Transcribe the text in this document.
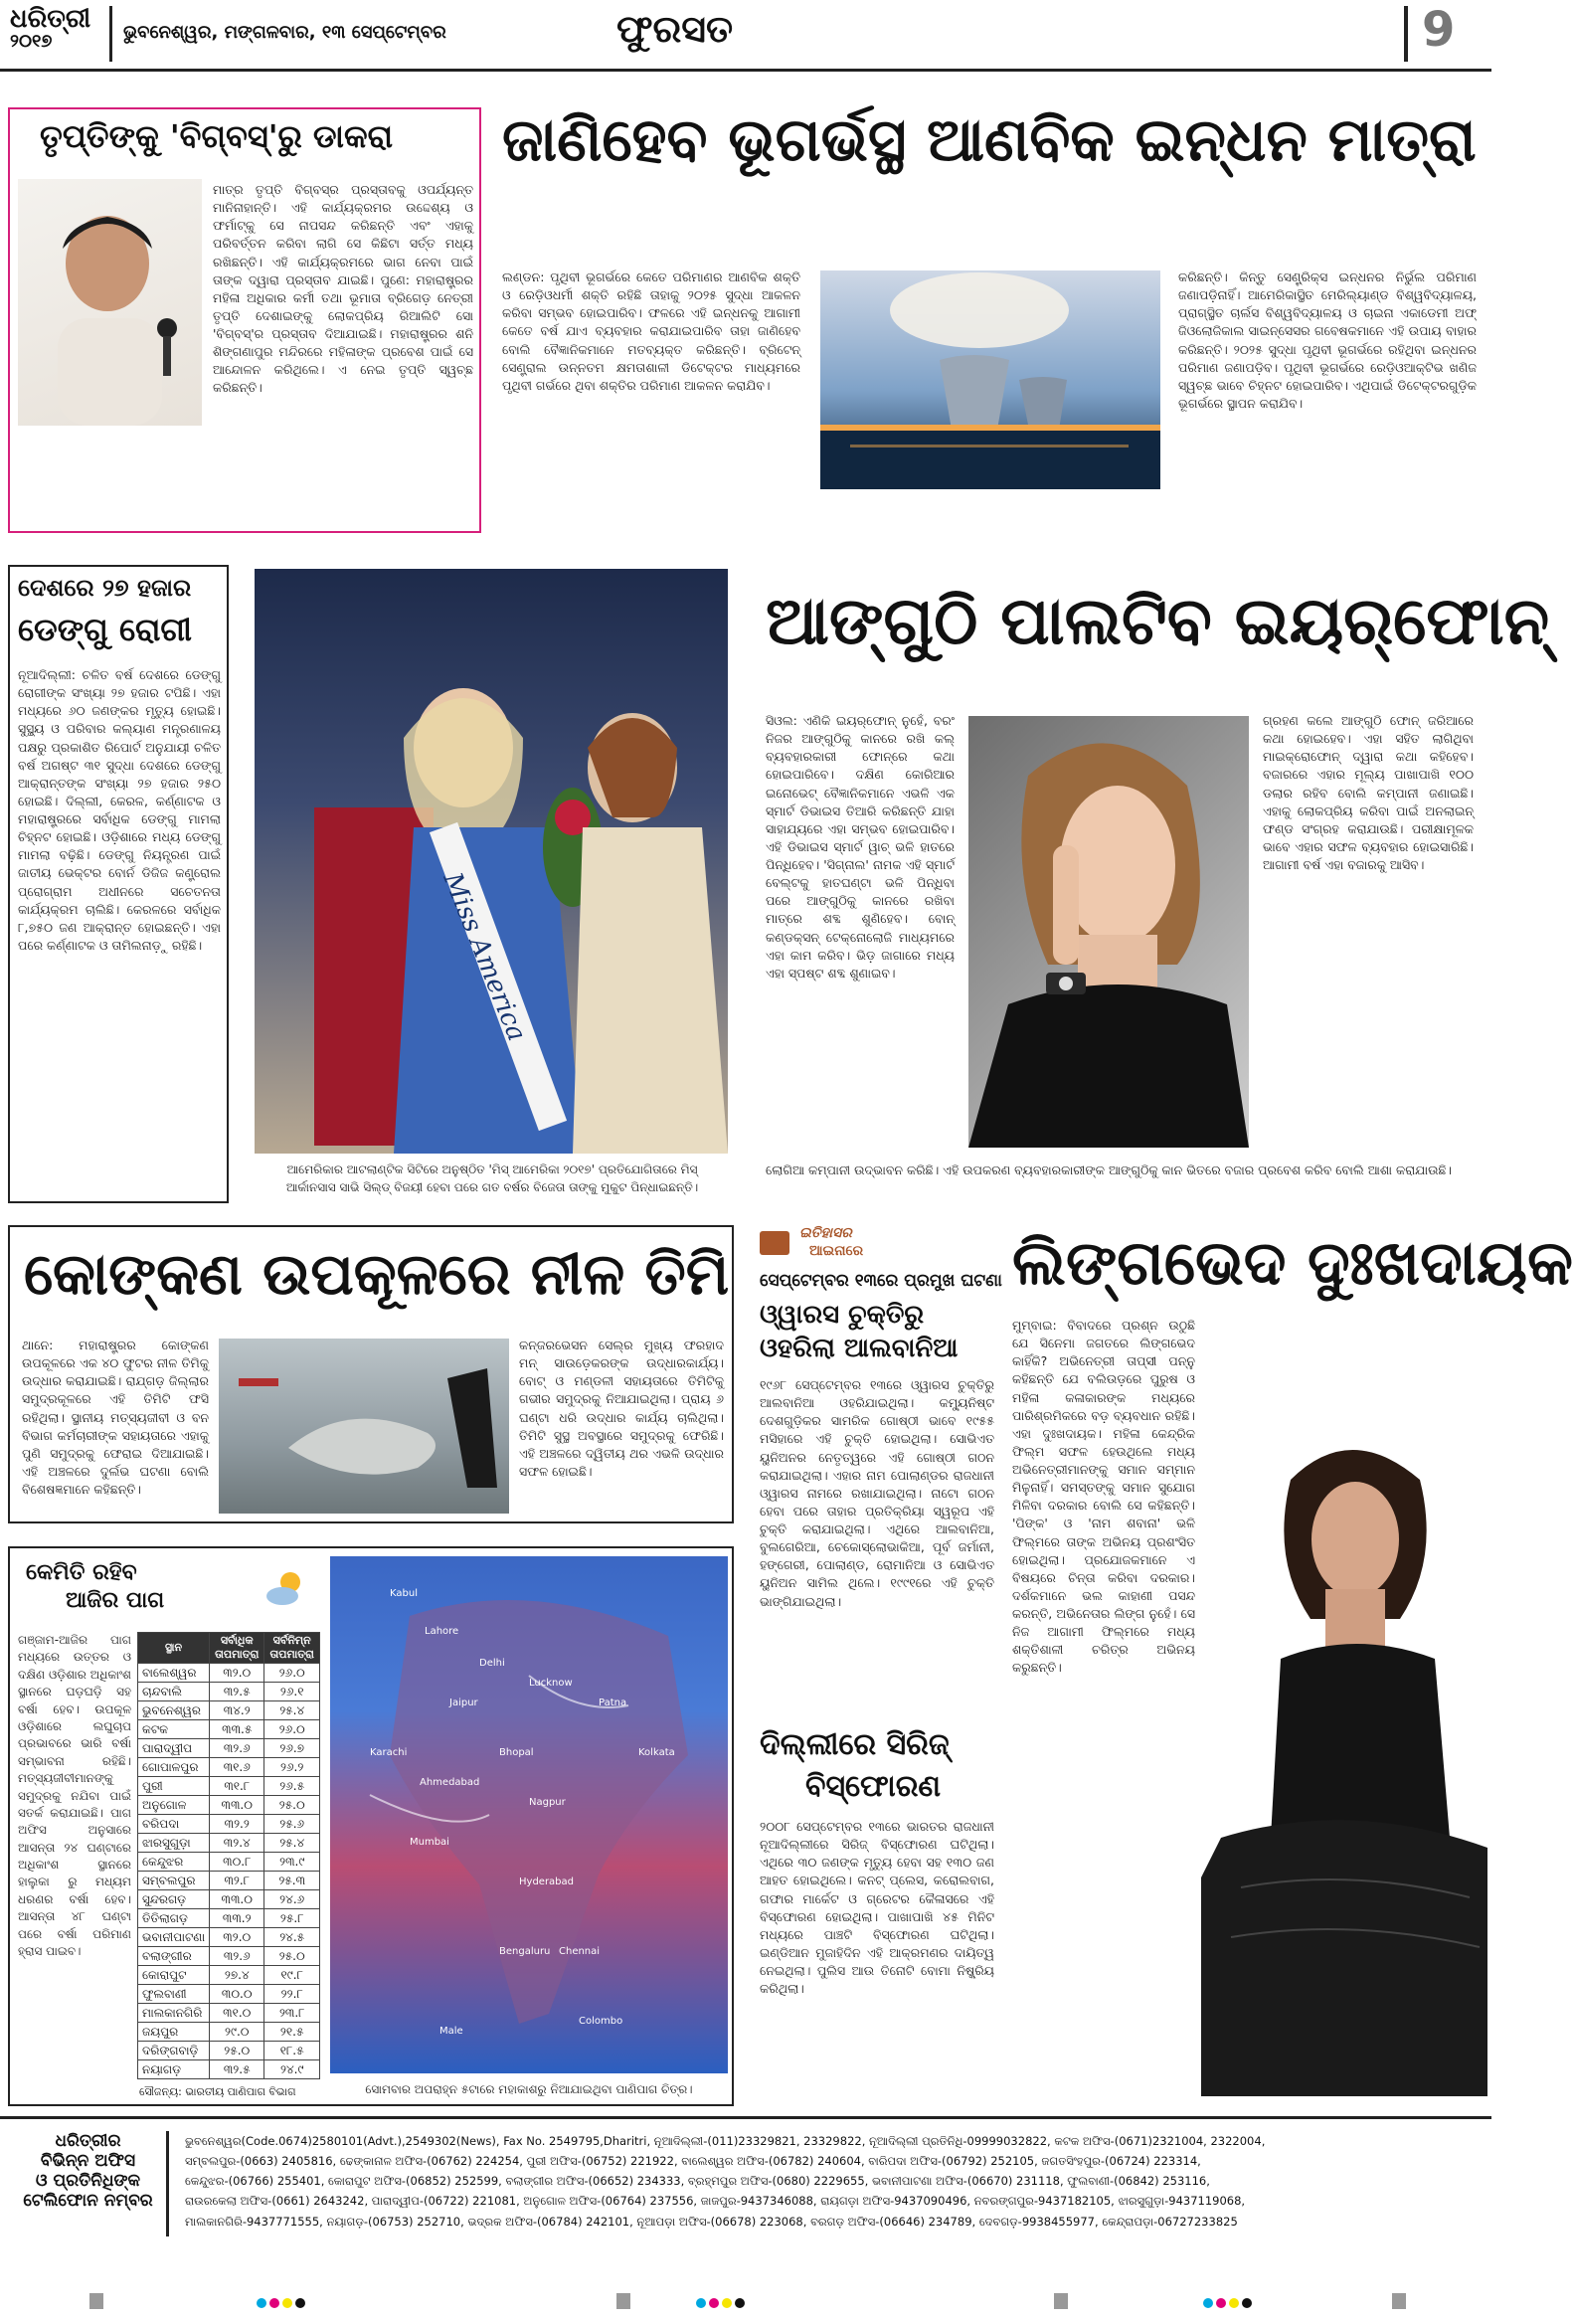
ଧରିତ୍ରୀ
୨୦୧୭	ଭୁବନେଶ୍ୱର, ମଙ୍ଗଳବାର, ୧୩ ସେପ୍ଟେମ୍ବର	ଫୁରସତ	9
ତୃପ୍ତିଙ୍କୁ 'ବିଗ୍‌ବସ୍‌'ରୁ ଡାକରା
ମାତ୍ର ତୃପ୍ତି ବିଗ୍‌ବସ୍‌ର ପ୍ରସ୍ତାବକୁ ଓପର୍ଯ୍ୟନ୍ତ ମାନିନାହାନ୍ତି। ଏହି କାର୍ଯ୍ୟକ୍ରମର ଉଦ୍ଦେଶ୍ୟ ଓ ଫର୍ମାଟ୍‌କୁ ସେ ନାପସନ୍ଦ କରିଛନ୍ତି ଏବଂ ଏହାକୁ ପରିବର୍ତ୍ତନ କରିବା ଲାଗି ସେ କିଛିଟା ସର୍ତ୍ତ ମଧ୍ୟ ରଖିଛନ୍ତି। ଏହି କାର୍ଯ୍ୟକ୍ରମରେ ଭାଗ ନେବା ପାଇଁ ତାଙ୍କ ଦ୍ୱାରା ପ୍ରସ୍ତାବ ଯାଇଛି। ପୁଣେ: ମହାରାଷ୍ଟ୍ରର ମହିଳା ଅଧିକାର କର୍ମୀ ତଥା ଭୂମାତା ବ୍ରିଗେଡ଼ ନେତ୍ରୀ ତୃପ୍ତି ଦେଶାଇଙ୍କୁ ଲୋକପ୍ରିୟ ରିଆଲିଟି ସୋ 'ବିଗ୍‌ବସ୍‌'ର ପ୍ରସ୍ତାବ ଦିଆଯାଇଛି। ମହାରାଷ୍ଟ୍ରର ଶନି ଶିଙ୍ଗଣାପୁର ମନ୍ଦିରରେ ମହିଳାଙ୍କ ପ୍ରବେଶ ପାଇଁ ସେ ଆନ୍ଦୋଳନ କରିଥିଲେ। ଏ ନେଇ ତୃପ୍ତି ସ୍ୱଚ୍ଛ କରିଛନ୍ତି।
ଜାଣିହେବ ଭୂଗର୍ଭସ୍ଥ ଆଣବିକ ଇନ୍ଧନ ମାତ୍ରା
ଲଣ୍ଡନ: ପୃଥିବୀ ଭୂଗର୍ଭରେ କେତେ ପରିମାଣର ଆଣବିକ ଶକ୍ତି ଓ ରେଡ଼ିଓଧର୍ମୀ ଶକ୍ତି ରହିଛି ତାହାକୁ ୨୦୨୫ ସୁଦ୍ଧା ଆକଳନ କରିବା ସମ୍ଭବ ହୋଇପାରିବ। ଫଳରେ ଏହି ଇନ୍ଧନକୁ ଆଗାମୀ କେତେ ବର୍ଷ ଯାଏ ବ୍ୟବହାର କରାଯାଇପାରିବ ତାହା ଜାଣିହେବ ବୋଲି ବୈଜ୍ଞାନିକମାନେ ମତବ୍ୟକ୍ତ କରିଛନ୍ତି। ବ୍ରିଟେନ୍‌ ସେଣ୍ଟ୍ରାଲ ଉନ୍ନତମ କ୍ଷମତାଶାଳୀ ଡିଟେକ୍ଟର ମାଧ୍ୟମରେ ପୃଥିବୀ ଗର୍ଭରେ ଥିବା ଶକ୍ତିର ପରିମାଣ ଆକଳନ କରାଯିବ।
କରିଛନ୍ତି। କିନ୍ତୁ ସେଣ୍ଟ୍ରିକ୍ସ ଇନ୍ଧନର ନିର୍ଭୁଲ ପରିମାଣ ଜଣାପଡ଼ିନାହିଁ। ଆମେରିକାସ୍ଥିତ ମେରିଲ୍ୟାଣ୍ଡ ବିଶ୍ୱବିଦ୍ୟାଳୟ, ପ୍ରାଗ୍‌ସ୍ଥିତ ଚାର୍ଲସ ବିଶ୍ୱବିଦ୍ୟାଳୟ ଓ ଚାଇନା ଏକାଡେମୀ ଅଫ୍‌ ଜିଓଲୋଜିକାଲ ସାଇନ୍ସେସର ଗବେଷକମାନେ ଏହି ଉପାୟ ବାହାର କରିଛନ୍ତି। ୨୦୨୫ ସୁଦ୍ଧା ପୃଥିବୀ ଭୂଗର୍ଭରେ ରହିଥିବା ଇନ୍ଧନର ପରିମାଣ ଜଣାପଡ଼ିବ। ପୃଥିବୀ ଭୂଗର୍ଭରେ ରେଡ଼ିଓଆକ୍ଟିଭ ଖଣିଜ ସ୍ୱଚ୍ଛ ଭାବେ ଚିହ୍ନଟ ହୋଇପାରିବ। ଏଥିପାଇଁ ଡିଟେକ୍ଟରଗୁଡ଼ିକ ଭୂଗର୍ଭରେ ସ୍ଥାପନ କରାଯିବ।
ଦେଶରେ ୨୭ ହଜାର
ଡେଙ୍ଗୁ ରୋଗୀ
ନୂଆଦିଲ୍ଲୀ: ଚଳିତ ବର୍ଷ ଦେଶରେ ଡେଙ୍ଗୁ ରୋଗୀଙ୍କ ସଂଖ୍ୟା ୨୭ ହଜାର ଟପିଛି। ଏହା ମଧ୍ୟରେ ୬୦ ଜଣଙ୍କର ମୃତ୍ୟୁ ହୋଇଛି। ସୁସ୍ଥ୍ୟ ଓ ପରିବାର କଲ୍ୟାଣ ମନ୍ତ୍ରଣାଳୟ ପକ୍ଷରୁ ପ୍ରକାଶିତ ରିପୋର୍ଟ ଅନୁଯାୟୀ ଚଳିତ ବର୍ଷ ଅଗଷ୍ଟ ୩୧ ସୁଦ୍ଧା ଦେଶରେ ଡେଙ୍ଗୁ ଆକ୍ରାନ୍ତଙ୍କ ସଂଖ୍ୟା ୨୭ ହଜାର ୨୫୦ ହୋଇଛି। ଦିଲ୍ଲୀ, କେରଳ, କର୍ଣ୍ଣାଟକ ଓ ମହାରାଷ୍ଟ୍ରରେ ସର୍ବାଧିକ ଡେଙ୍ଗୁ ମାମଲା ଚିହ୍ନଟ ହୋଇଛି। ଓଡ଼ିଶାରେ ମଧ୍ୟ ଡେଙ୍ଗୁ ମାମଲା ବଢ଼ିଛି। ଡେଙ୍ଗୁ ନିୟନ୍ତ୍ରଣ ପାଇଁ ଜାତୀୟ ଭେକ୍ଟର ବୋର୍ନ ଡିଜିଜ କଣ୍ଟ୍ରୋଲ ପ୍ରୋଗ୍ରାମ ଅଧୀନରେ ସଚେତନତା କାର୍ଯ୍ୟକ୍ରମ ଚାଲିଛି। କେରଳରେ ସର୍ବାଧିକ ୮,୭୫୦ ଜଣ ଆକ୍ରାନ୍ତ ହୋଇଛନ୍ତି। ଏହା ପରେ କର୍ଣ୍ଣାଟକ ଓ ତାମିଲନାଡ଼ୁ ରହିଛି।	Miss America
ଆମେରିକାର ଆଟଲାଣ୍ଟିକ ସିଟିରେ ଅନୁଷ୍ଠିତ 'ମିସ୍ ଆମେରିକା ୨୦୧୭' ପ୍ରତିଯୋଗିତାରେ ମିସ୍
ଆର୍କାନସାସ ସାଭି ସିଲ୍ଡ୍ ବିଜୟୀ ହେବା ପରେ ଗତ ବର୍ଷର ବିଜେତା ତାଙ୍କୁ ମୁକୁଟ ପିନ୍ଧାଇଛନ୍ତି।
ଆଙ୍ଗୁଠି ପାଲଟିବ ଇୟର୍‌ଫୋନ୍
ସିଓଲ: ଏଣିକି ଇୟର୍‌ଫୋନ୍ ନୁହେଁ, ବରଂ ନିଜର ଆଙ୍ଗୁଠିକୁ କାନରେ ରଖି କଲ୍ ବ୍ୟବହାରକାରୀ ଫୋନ୍‌ରେ କଥା ହୋଇପାରିବେ। ଦକ୍ଷିଣ କୋରିଆର ଇନୋଭେଟ୍ ବୈଜ୍ଞାନିକମାନେ ଏଭଳି ଏକ ସ୍ମାର୍ଟ ଡିଭାଇସ ତିଆରି କରିଛନ୍ତି ଯାହା ସାହାଯ୍ୟରେ ଏହା ସମ୍ଭବ ହୋଇପାରିବ। ଏହି ଡିଭାଇସ ସ୍ମାର୍ଟ ୱାଚ୍ ଭଳି ହାତରେ ପିନ୍ଧିହେବ। 'ସିଗ୍‌ନାଲ' ନାମକ ଏହି ସ୍ମାର୍ଟ ବେଲ୍ଟକୁ ହାତଘଣ୍ଟା ଭଳି ପିନ୍ଧିବା ପରେ ଆଙ୍ଗୁଠିକୁ କାନରେ ରଖିବା ମାତ୍ରେ ଶବ୍ଦ ଶୁଣିହେବ। ବୋନ୍ କଣ୍ଡକ୍ସନ୍ ଟେକ୍ନୋଲୋଜି ମାଧ୍ୟମରେ ଏହା କାମ କରିବ। ଭିଡ଼ ଜାଗାରେ ମଧ୍ୟ ଏହା ସ୍ପଷ୍ଟ ଶବ୍ଦ ଶୁଣାଇବ।
ଗ୍ରହଣ କଲେ ଆଙ୍ଗୁଠି ଫୋନ୍ ଜରିଆରେ କଥା ହୋଇହେବ। ଏହା ସହିତ ଲାଗିଥିବା ମାଇକ୍ରୋଫୋନ୍ ଦ୍ୱାରା କଥା କହିହେବ। ବଜାରରେ ଏହାର ମୂଲ୍ୟ ପାଖାପାଖି ୧୦୦ ଡଲାର ରହିବ ବୋଲି କମ୍ପାନୀ ଜଣାଇଛି। ଏହାକୁ ଲୋକପ୍ରିୟ କରିବା ପାଇଁ ଅନଲାଇନ୍ ଫଣ୍ଡ ସଂଗ୍ରହ କରାଯାଉଛି। ପରୀକ୍ଷାମୂଳକ ଭାବେ ଏହାର ସଫଳ ବ୍ୟବହାର ହୋଇସାରିଛି। ଆଗାମୀ ବର୍ଷ ଏହା ବଜାରକୁ ଆସିବ।
ଲୋଗିଆ କମ୍ପାନୀ ଉଦ୍ଭାବନ କରିଛି। ଏହି ଉପକରଣ ବ୍ୟବହାରକାରୀଙ୍କ ଆଙ୍ଗୁଠିକୁ କାନ ଭିତରେ ବଜାର ପ୍ରବେଶ କରିବ ବୋଲି ଆଶା କରାଯାଉଛି।
କୋଙ୍କଣ ଉପକୂଳରେ ନୀଳ ତିମି
ଥାନେ: ମହାରାଷ୍ଟ୍ରର କୋଙ୍କଣ ଉପକୂଳରେ ଏକ ୪୦ ଫୁଟର ନୀଳ ତିମିକୁ ଉଦ୍ଧାର କରାଯାଇଛି। ରାଯ୍‌ଗଡ଼ ଜିଲ୍ଲାର ସମୁଦ୍ରକୂଳରେ ଏହି ତିମିଟି ଫସି ରହିଥିଲା। ସ୍ଥାନୀୟ ମତ୍ସ୍ୟଜୀବୀ ଓ ବନ ବିଭାଗ କର୍ମଚାରୀଙ୍କ ସହାୟତାରେ ଏହାକୁ ପୁଣି ସମୁଦ୍ରକୁ ଫେରାଇ ଦିଆଯାଇଛି। ଏହି ଅଞ୍ଚଳରେ ଦୁର୍ଲଭ ଘଟଣା ବୋଲି ବିଶେଷଜ୍ଞମାନେ କହିଛନ୍ତି।
କନ୍‌ଜରଭେସନ ସେଲ୍‌ର ମୁଖ୍ୟ ଫରହାଦ ମନ୍‌ ସାଉଡ଼େକରଙ୍କ ଉଦ୍ଧାରକାର୍ଯ୍ୟ। ବୋଟ୍ ଓ ମଣ୍ଡଳୀ ସହାୟତାରେ ତିମିଟିକୁ ଗଭୀର ସମୁଦ୍ରକୁ ନିଆଯାଇଥିଲା। ପ୍ରାୟ ୬ ଘଣ୍ଟା ଧରି ଉଦ୍ଧାର କାର୍ଯ୍ୟ ଚାଲିଥିଲା। ତିମିଟି ସୁସ୍ଥ ଅବସ୍ଥାରେ ସମୁଦ୍ରକୁ ଫେରିଛି। ଏହି ଅଞ୍ଚଳରେ ଦ୍ୱିତୀୟ ଥର ଏଭଳି ଉଦ୍ଧାର ସଫଳ ହୋଇଛି।
ଇତିହାସର
ଆଇନାରେ
ସେପ୍ଟେମ୍ବର ୧୩ରେ ପ୍ରମୁଖ ଘଟଣା
ଓ୍ୱାରସ ଚୁକ୍ତିରୁ
ଓହରିଲା ଆଲବାନିଆ
୧୯୬୮ ସେପ୍ଟେମ୍ବର ୧୩ରେ ଓ୍ୱାରସ ଚୁକ୍ତିରୁ ଆଲବାନିଆ ଓହରିଯାଇଥିଲା। କମ୍ୟୁନିଷ୍ଟ ଦେଶଗୁଡ଼ିକର ସାମରିକ ଗୋଷ୍ଠୀ ଭାବେ ୧୯୫୫ ମସିହାରେ ଏହି ଚୁକ୍ତି ହୋଇଥିଲା। ସୋଭିଏତ ୟୁନିଅନର ନେତୃତ୍ୱରେ ଏହି ଗୋଷ୍ଠୀ ଗଠନ କରାଯାଇଥିଲା। ଏହାର ନାମ ପୋଲାଣ୍ଡର ରାଜଧାନୀ ଓ୍ୱାରସ ନାମରେ ରଖାଯାଇଥିଲା। ନାଟୋ ଗଠନ ହେବା ପରେ ତାହାର ପ୍ରତିକ୍ରିୟା ସ୍ୱରୂପ ଏହି ଚୁକ୍ତି କରାଯାଇଥିଲା। ଏଥିରେ ଆଲବାନିଆ, ବୁଲଗେରିଆ, ଚେକୋସ୍ଲୋଭାକିଆ, ପୂର୍ବ ଜର୍ମାନୀ, ହଙ୍ଗେରୀ, ପୋଲାଣ୍ଡ, ରୋମାନିଆ ଓ ସୋଭିଏତ ୟୁନିଅନ ସାମିଲ ଥିଲେ। ୧୯୯୧ରେ ଏହି ଚୁକ୍ତି ଭାଙ୍ଗିଯାଇଥିଲା।
ଦିଲ୍ଲୀରେ ସିରିଜ୍
ବିସ୍ଫୋରଣ
୨୦୦୮ ସେପ୍ଟେମ୍ବର ୧୩ରେ ଭାରତର ରାଜଧାନୀ ନୂଆଦିଲ୍ଲୀରେ ସିରିଜ୍ ବିସ୍ଫୋରଣ ଘଟିଥିଲା। ଏଥିରେ ୩୦ ଜଣଙ୍କ ମୃତ୍ୟୁ ହେବା ସହ ୧୩୦ ଜଣ ଆହତ ହୋଇଥିଲେ। କନଟ୍ ପ୍ଲେସ, କରୋଲବାଗ, ଗଫାର ମାର୍କେଟ ଓ ଗ୍ରେଟର କୈଳାସରେ ଏହି ବିସ୍ଫୋରଣ ହୋଇଥିଲା। ପାଖାପାଖି ୪୫ ମିନିଟ ମଧ୍ୟରେ ପାଞ୍ଚଟି ବିସ୍ଫୋରଣ ଘଟିଥିଲା। ଇଣ୍ଡିଆନ ମୁଜାହିଦିନ ଏହି ଆକ୍ରମଣର ଦାୟିତ୍ୱ ନେଇଥିଲା। ପୁଲିସ ଆଉ ତିନୋଟି ବୋମା ନିଷ୍କ୍ରିୟ କରିଥିଲା।
ଲିଙ୍ଗଭେଦ ଦୁଃଖଦାୟକ
ମୁମ୍ବାଇ: ବିବାଦରେ ପ୍ରଶ୍ନ ଉଠୁଛି ଯେ ସିନେମା ଜଗତରେ ଲିଙ୍ଗଭେଦ କାହିଁକି? ଅଭିନେତ୍ରୀ ତାପ୍‌ସୀ ପନ୍ନୁ କହିଛନ୍ତି ଯେ ବଲିଉଡ଼ରେ ପୁରୁଷ ଓ ମହିଳା କଳାକାରଙ୍କ ମଧ୍ୟରେ ପାରିଶ୍ରମିକରେ ବଡ଼ ବ୍ୟବଧାନ ରହିଛି। ଏହା ଦୁଃଖଦାୟକ। ମହିଳା କେନ୍ଦ୍ରିକ ଫିଲ୍ମ ସଫଳ ହେଉଥିଲେ ମଧ୍ୟ ଅଭିନେତ୍ରୀମାନଙ୍କୁ ସମାନ ସମ୍ମାନ ମିଳୁନାହିଁ। ସମସ୍ତଙ୍କୁ ସମାନ ସୁଯୋଗ ମିଳିବା ଦରକାର ବୋଲି ସେ କହିଛନ୍ତି। 'ପିଙ୍କ' ଓ 'ନାମ ଶବାନା' ଭଳି ଫିଲ୍ମରେ ତାଙ୍କ ଅଭିନୟ ପ୍ରଶଂସିତ ହୋଇଥିଲା। ପ୍ରଯୋଜକମାନେ ଏ ବିଷୟରେ ଚିନ୍ତା କରିବା ଦରକାର। ଦର୍ଶକମାନେ ଭଲ କାହାଣୀ ପସନ୍ଦ କରନ୍ତି, ଅଭିନେତାର ଲିଙ୍ଗ ନୁହେଁ। ସେ ନିଜ ଆଗାମୀ ଫିଲ୍ମରେ ମଧ୍ୟ ଶକ୍ତିଶାଳୀ ଚରିତ୍ର ଅଭିନୟ କରୁଛନ୍ତି।
କେମିତି ରହିବ
ଆଜିର ପାଗ
ଗଞ୍ଜାମ-ଆଜିର ପାଗ ମଧ୍ୟରେ ଉତ୍ତର ଓ ଦକ୍ଷିଣ ଓଡ଼ିଶାର ଅଧିକାଂଶ ସ୍ଥାନରେ ଘଡ଼ଘଡ଼ି ସହ ବର୍ଷା ହେବ। ଉପକୂଳ ଓଡ଼ିଶାରେ ଲଘୁଚାପ ପ୍ରଭାବରେ ଭାରି ବର୍ଷା ସମ୍ଭାବନା ରହିଛି। ମତ୍ସ୍ୟଜୀବୀମାନଙ୍କୁ ସମୁଦ୍ରକୁ ନଯିବା ପାଇଁ ସତର୍କ କରାଯାଇଛି। ପାଗ ଅଫିସ ଅନୁସାରେ ଆସନ୍ତା ୨୪ ଘଣ୍ଟାରେ ଅଧିକାଂଶ ସ୍ଥାନରେ ହାଲୁକା ରୁ ମଧ୍ୟମ ଧରଣର ବର୍ଷା ହେବ। ଆସନ୍ତା ୪୮ ଘଣ୍ଟା ପରେ ବର୍ଷା ପରିମାଣ ହ୍ରାସ ପାଇବ।
ସ୍ଥାନ	ସର୍ବାଧିକ ତାପମାତ୍ରା	ସର୍ବନିମ୍ନ ତାପମାତ୍ରା
ବାଲେଶ୍ୱର	୩୨.୦	୨୬.୦
ଚାନ୍ଦବାଲି	୩୨.୫	୨୬.୧
ଭୁବନେଶ୍ୱର	୩୪.୨	୨୫.୪
କଟକ	୩୩.୫	୨୬.୦
ପାରାଦ୍ୱୀପ	୩୨.୬	୨୬.୭
ଗୋପାଳପୁର	୩୧.୬	୨୬.୨
ପୁରୀ	୩୧.୮	୨୬.୫
ଅନୁଗୋଳ	୩୩.୦	୨୫.୦
ବରିପଦା	୩୨.୨	୨୫.୬
ଝାରସୁଗୁଡ଼ା	୩୨.୪	୨୫.୪
କେନ୍ଦୁଝର	୩୦.୮	୨୩.୯
ସମ୍ବଲପୁର	୩୨.୮	୨୫.୩
ସୁନ୍ଦରଗଡ଼	୩୩.୦	୨୪.୬
ତିତିଲାଗଡ଼	୩୩.୨	୨୫.୮
ଭବାନୀପାଟଣା	୩୨.୦	୨୪.୫
ବଲାଙ୍ଗୀର	୩୨.୬	୨୫.୦
କୋରାପୁଟ	୨୭.୪	୧୯.୮
ଫୁଲବାଣୀ	୩୦.୦	୨୨.୮
ମାଲକାନଗିରି	୩୧.୦	୨୩.୮
ଜୟପୁର	୨୯.୦	୨୧.୫
ଦରିଙ୍ଗବାଡ଼ି	୨୫.୦	୧୮.୫
ନୟାଗଡ଼	୩୨.୫	୨୪.୯
ସୌଜନ୍ୟ: ଭାରତୀୟ ପାଣିପାଗ ବିଭାଗ
Kabul
Lahore
Delhi
Jaipur
Lucknow
Patna
Karachi	Bhopal	Kolkata
Ahmedabad
Nagpur
Mumbai
Hyderabad
Bengaluru Chennai
Colombo
Male
ସୋମବାର ଅପରାହ୍ନ ୫ଟାରେ ମହାକାଶରୁ ନିଆଯାଇଥିବା ପାଣିପାଗ ଚିତ୍ର।
ଧରିତ୍ରୀର
ବିଭିନ୍ନ ଅଫିସ
ଓ ପ୍ରତିନିଧିଙ୍କ
ଟେଲିଫୋନ ନମ୍ବର
ଭୁବନେଶ୍ୱର(Code.0674)2580101(Advt.),2549302(News), Fax No. 2549795,Dharitri, ନୂଆଦିଲ୍ଲୀ-(011)23329821, 23329822, ନୂଆଦିଲ୍ଲୀ ପ୍ରତିନିଧି-09999032822, କଟକ ଅଫିସ-(0671)2321004, 2322004,
ସମ୍ବଲପୁର-(0663) 2405816, ଢେଙ୍କାନାଳ ଅଫିସ-(06762) 224254, ପୁରୀ ଅଫିସ-(06752) 221922, ବାଲେଶ୍ୱର ଅଫିସ-(06782) 240604, ବାରିପଦା ଅଫିସ-(06792) 252105, ଜଗତସିଂହପୁର-(06724) 223314,
କେନ୍ଦୁଝର-(06766) 255401, କୋରାପୁଟ ଅଫିସ-(06852) 252599, ବଲାଙ୍ଗୀର ଅଫିସ-(06652) 234333, ବ୍ରହ୍ମପୁର ଅଫିସ-(0680) 2229655, ଭବାନୀପାଟଣା ଅଫିସ-(06670) 231118, ଫୁଲବାଣୀ-(06842) 253116,
ରାଉରକେଲା ଅଫିସ-(0661) 2643242, ପାରାଦ୍ୱୀପ-(06722) 221081, ଅନୁଗୋଳ ଅଫିସ-(06764) 237556, ଜାଜପୁର-9437346088, ରାୟଗଡ଼ା ଅଫିସ-9437090496, ନବରଙ୍ଗପୁର-9437182105, ଝାରସୁଗୁଡ଼ା-9437119068,
ମାଲକାନଗିରି-9437771555, ନୟାଗଡ଼-(06753) 252710, ଭଦ୍ରକ ଅଫିସ-(06784) 242101, ନୂଆପଡ଼ା ଅଫିସ-(06678) 223068, ବରଗଡ଼ ଅଫିସ-(06646) 234789, ଦେବଗଡ଼-9938455977, କେନ୍ଦ୍ରାପଡ଼ା-06727233825
